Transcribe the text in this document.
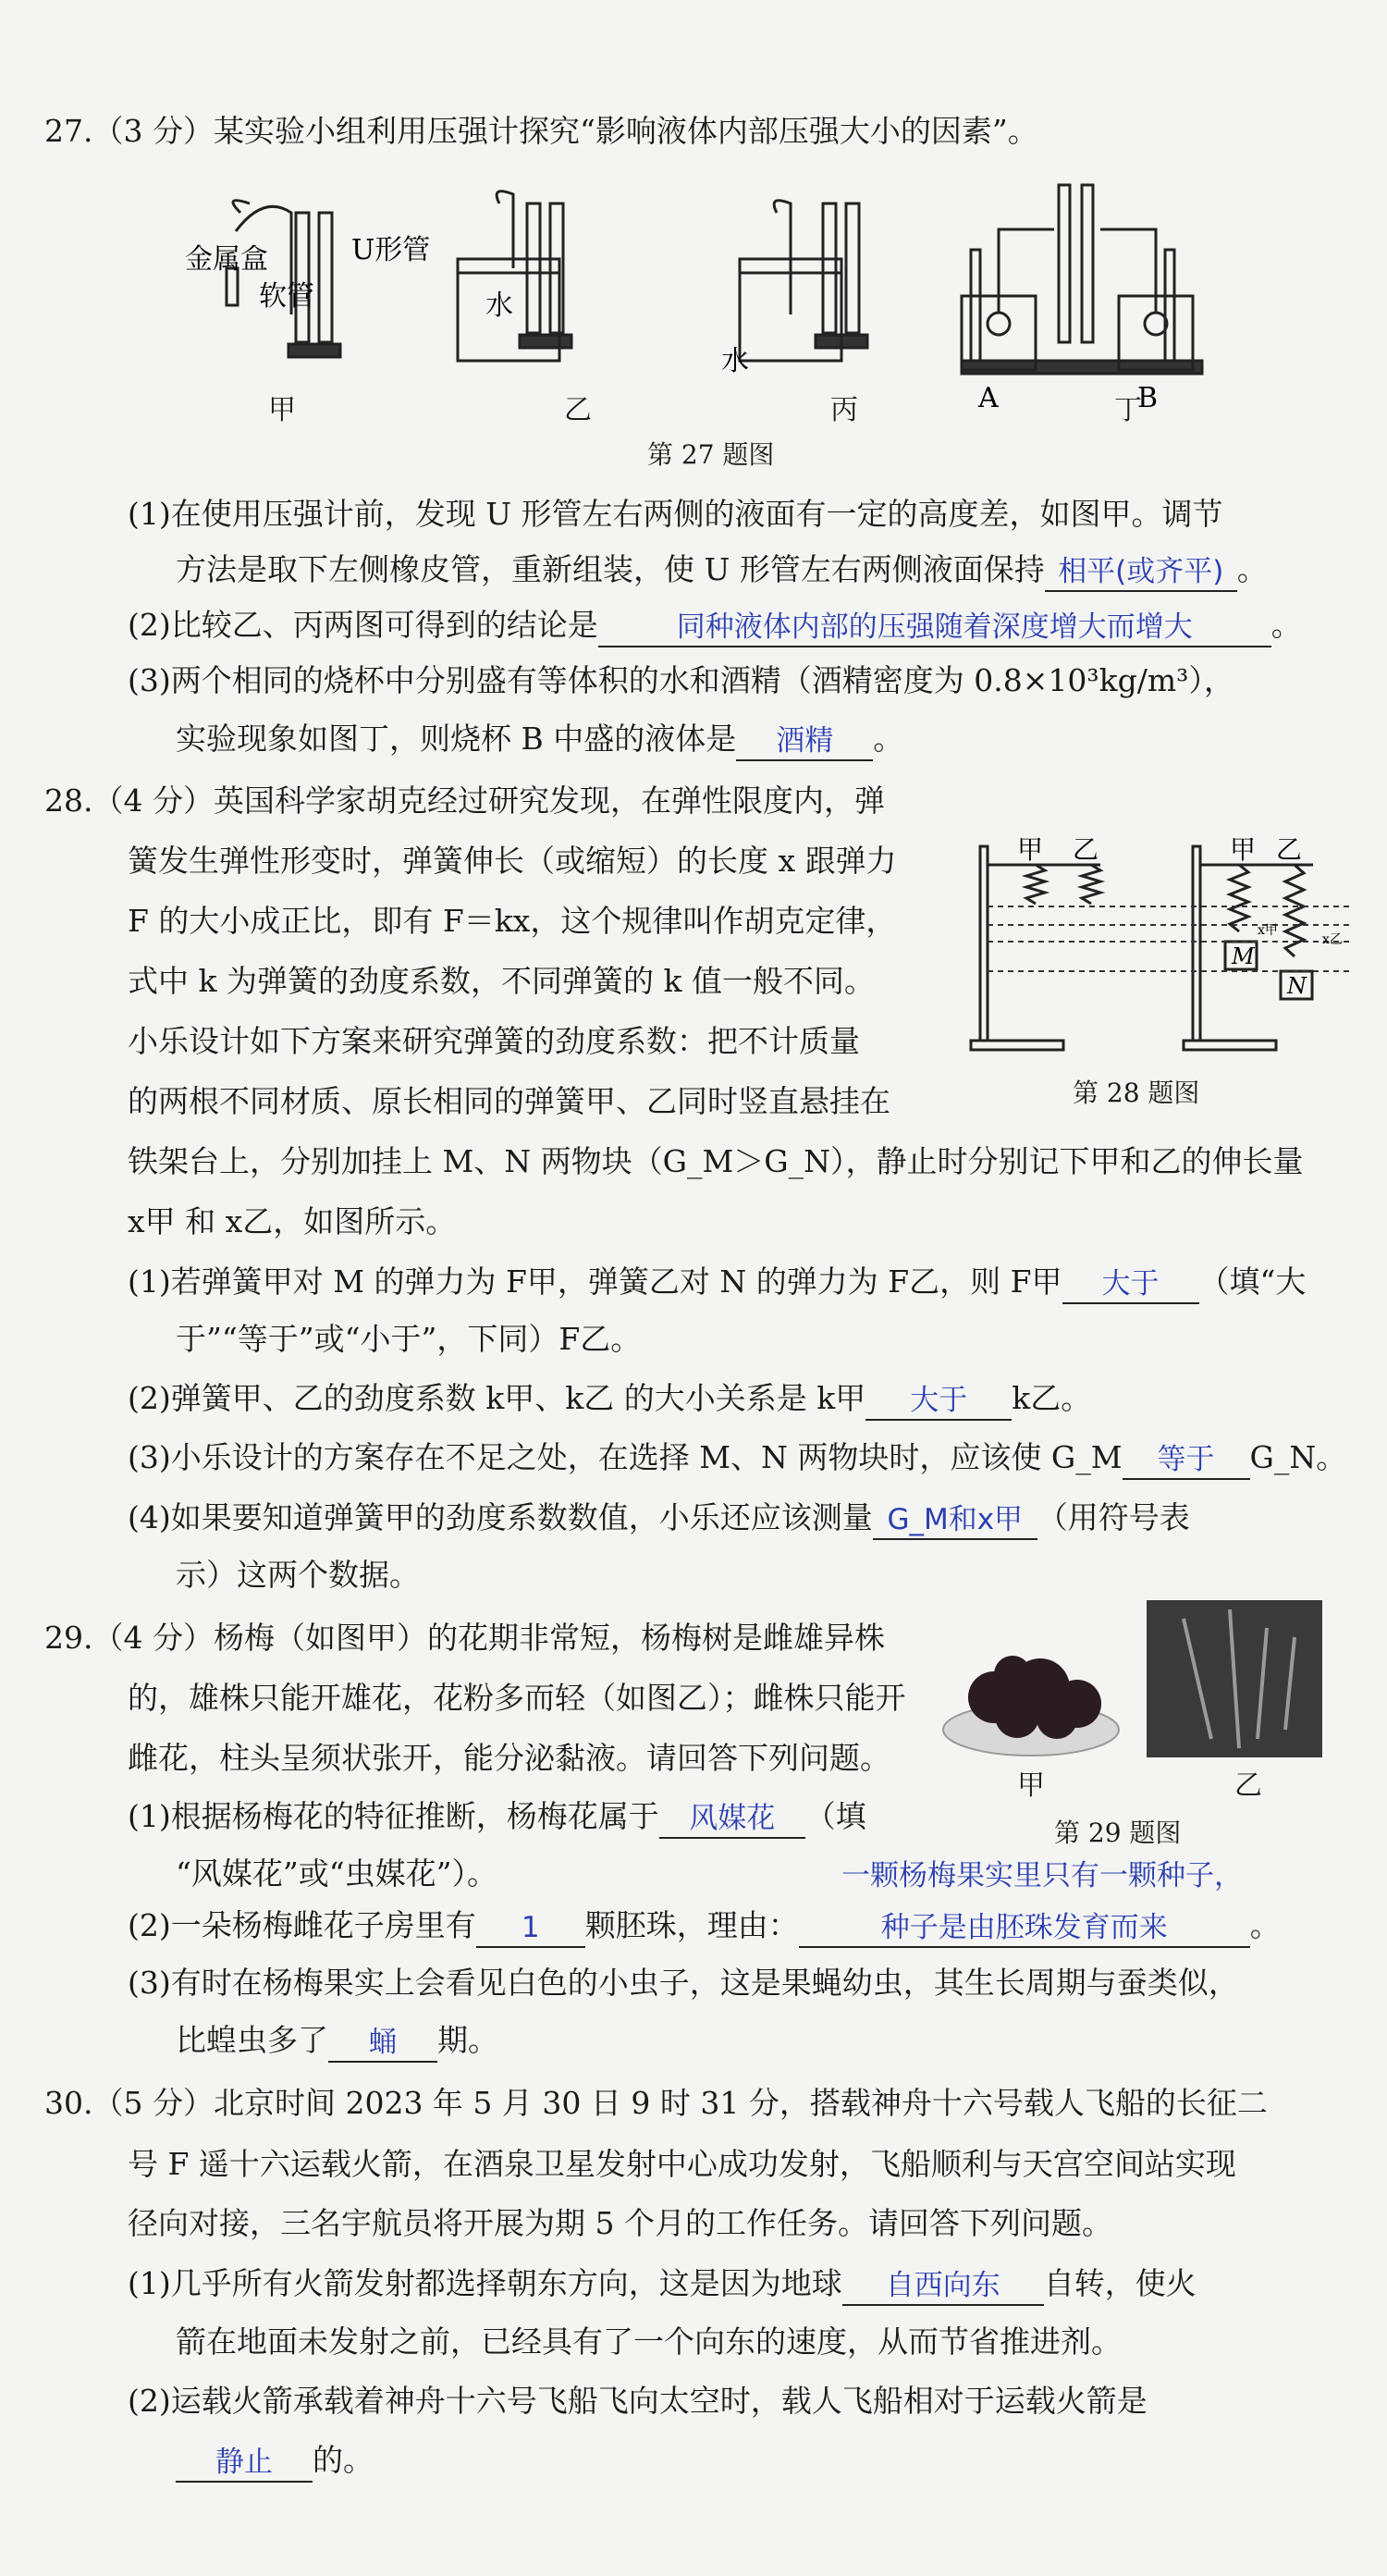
27.（3 分）某实验小组利用压强计探究“影响液体内部压强大小的因素”。
软管
金属盒	U形管
水
水
A	B
甲	乙	丙	丁
第 27 题图
(1)在使用压强计前，发现 U 形管左右两侧的液面有一定的高度差，如图甲。调节
方法是取下左侧橡皮管，重新组装，使 U 形管左右两侧液面保持 相平(或齐平) 。
(2)比较乙、丙两图可得到的结论是	同种液体内部的压强随着深度增大而增大	。
(3)两个相同的烧杯中分别盛有等体积的水和酒精（酒精密度为 0.8×10³kg/m³），
实验现象如图丁，则烧杯 B 中盛的液体是 酒精 。
28.（4 分）英国科学家胡克经过研究发现，在弹性限度内，弹
簧发生弹性形变时，弹簧伸长（或缩短）的长度 x 跟弹力
F 的大小成正比，即有 F＝kx，这个规律叫作胡克定律，
式中 k 为弹簧的劲度系数，不同弹簧的 k 值一般不同。
小乐设计如下方案来研究弹簧的劲度系数：把不计质量
的两根不同材质、原长相同的弹簧甲、乙同时竖直悬挂在
甲 乙	甲 乙
M
N
x甲
x乙
第 28 题图
铁架台上，分别加挂上 M、N 两物块（G_M＞G_N），静止时分别记下甲和乙的伸长量
x甲 和 x乙，如图所示。
(1)若弹簧甲对 M 的弹力为 F甲，弹簧乙对 N 的弹力为 F乙，则 F甲 大于 （填“大
于”“等于”或“小于”，下同）F乙。
(2)弹簧甲、乙的劲度系数 k甲、k乙 的大小关系是 k甲 大于 k乙。
(3)小乐设计的方案存在不足之处，在选择 M、N 两物块时，应该使 G_M 等于 G_N。
(4)如果要知道弹簧甲的劲度系数数值，小乐还应该测量 G_M和x甲 （用符号表
示）这两个数据。
29.（4 分）杨梅（如图甲）的花期非常短，杨梅树是雌雄异株
的，雄株只能开雄花，花粉多而轻（如图乙）；雌株只能开
雌花，柱头呈须状张开，能分泌黏液。请回答下列问题。
甲	乙
第 29 题图
(1)根据杨梅花的特征推断，杨梅花属于 风媒花 （填
“风媒花”或“虫媒花”）。	一颗杨梅果实里只有一颗种子，
(2)一朵杨梅雌花子房里有 1 颗胚珠，理由：	种子是由胚珠发育而来	。
(3)有时在杨梅果实上会看见白色的小虫子，这是果蝇幼虫，其生长周期与蚕类似，
比蝗虫多了 蛹 期。
30.（5 分）北京时间 2023 年 5 月 30 日 9 时 31 分，搭载神舟十六号载人飞船的长征二
号 F 遥十六运载火箭，在酒泉卫星发射中心成功发射，飞船顺利与天宫空间站实现
径向对接，三名宇航员将开展为期 5 个月的工作任务。请回答下列问题。
(1)几乎所有火箭发射都选择朝东方向，这是因为地球 自西向东 自转，使火
箭在地面未发射之前，已经具有了一个向东的速度，从而节省推进剂。
(2)运载火箭承载着神舟十六号飞船飞向太空时，载人飞船相对于运载火箭是
静止 的。
